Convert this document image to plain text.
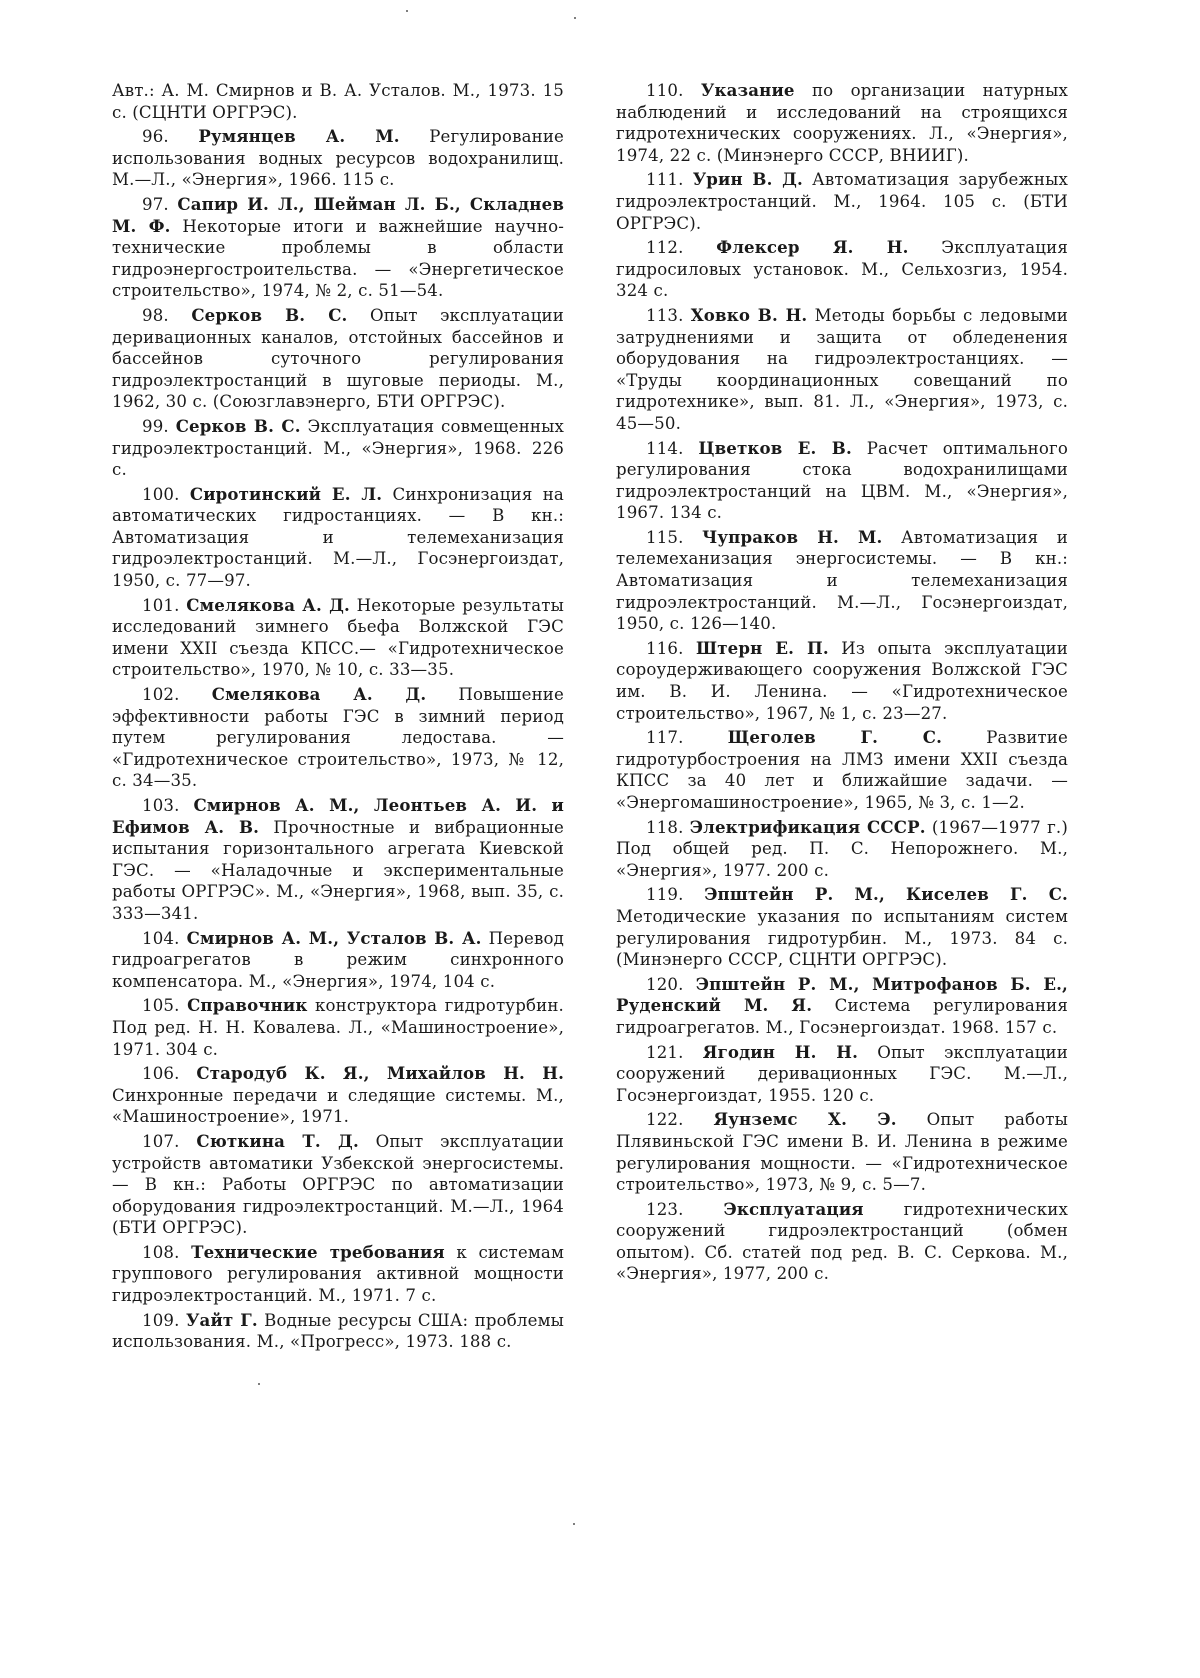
Авт.: А. М. Смирнов и В. А. Усталов. М., 1973. 15 с. (СЦНТИ ОРГРЭС).

96. Румянцев А. М. Регулирование использования водных ресурсов водохранилищ. М.—Л., «Энергия», 1966. 115 с.

97. Сапир И. Л., Шейман Л. Б., Складнев М. Ф. Некоторые итоги и важнейшие научно-технические проблемы в области гидроэнергостроительства. — «Энергетическое строительство», 1974, № 2, с. 51—54.

98. Серков В. С. Опыт эксплуатации деривационных каналов, отстойных бассейнов и бассейнов суточного регулирования гидроэлектростанций в шуговые периоды. М., 1962, 30 с. (Союзглавэнерго, БТИ ОРГРЭС).

99. Серков В. С. Эксплуатация совмещенных гидроэлектростанций. М., «Энергия», 1968. 226 с.

100. Сиротинский Е. Л. Синхронизация на автоматических гидростанциях. — В кн.: Автоматизация и телемеханизация гидроэлектростанций. М.—Л., Госэнергоиздат, 1950, с. 77—97.

101. Смелякова А. Д. Некоторые результаты исследований зимнего бьефа Волжской ГЭС имени XXII съезда КПСС.— «Гидротехническое строительство», 1970, № 10, с. 33—35.

102. Смелякова А. Д. Повышение эффективности работы ГЭС в зимний период путем регулирования ледостава. — «Гидротехническое строительство», 1973, № 12, с. 34—35.

103. Смирнов А. М., Леонтьев А. И. и Ефимов А. В. Прочностные и вибрационные испытания горизонтального агрегата Киевской ГЭС. — «Наладочные и экспериментальные работы ОРГРЭС». М., «Энергия», 1968, вып. 35, с. 333—341.

104. Смирнов А. М., Усталов В. А. Перевод гидроагрегатов в режим синхронного компенсатора. М., «Энергия», 1974, 104 с.

105. Справочник конструктора гидротурбин. Под ред. Н. Н. Ковалева. Л., «Машиностроение», 1971. 304 с.

106. Стародуб К. Я., Михайлов Н. Н. Синхронные передачи и следящие системы. М., «Машиностроение», 1971.

107. Сюткина Т. Д. Опыт эксплуатации устройств автоматики Узбекской энергосистемы. — В кн.: Работы ОРГРЭС по автоматизации оборудования гидроэлектростанций. М.—Л., 1964 (БТИ ОРГРЭС).

108. Технические требования к системам группового регулирования активной мощности гидроэлектростанций. М., 1971. 7 с.

109. Уайт Г. Водные ресурсы США: проблемы использования. М., «Прогресс», 1973. 188 с.

110. Указание по организации натурных наблюдений и исследований на строящихся гидротехнических сооружениях. Л., «Энергия», 1974, 22 с. (Минэнерго СССР, ВНИИГ).

111. Урин В. Д. Автоматизация зарубежных гидроэлектростанций. М., 1964. 105 с. (БТИ ОРГРЭС).

112. Флексер Я. Н. Эксплуатация гидросиловых установок. М., Сельхозгиз, 1954. 324 с.

113. Ховко В. Н. Методы борьбы с ледовыми затруднениями и защита от обледенения оборудования на гидроэлектростанциях. — «Труды координационных совещаний по гидротехнике», вып. 81. Л., «Энергия», 1973, с. 45—50.

114. Цветков Е. В. Расчет оптимального регулирования стока водохранилищами гидроэлектростанций на ЦВМ. М., «Энергия», 1967. 134 с.

115. Чупраков Н. М. Автоматизация и телемеханизация энергосистемы. — В кн.: Автоматизация и телемеханизация гидроэлектростанций. М.—Л., Госэнергоиздат, 1950, с. 126—140.

116. Штерн Е. П. Из опыта эксплуатации сороудерживающего сооружения Волжской ГЭС им. В. И. Ленина. — «Гидротехническое строительство», 1967, № 1, с. 23—27.

117.	Щеголев Г. С.	Развитие гидротурбостроения на ЛМЗ имени XXII съезда КПСС за 40 лет и ближайшие задачи. — «Энергомашиностроение», 1965, № 3, с. 1—2.

118. Электрификация СССР. (1967—1977 г.) Под общей ред. П. С. Непорожнего. М., «Энергия», 1977. 200 с.

119. Эпштейн Р. М., Киселев Г. С. Методические указания по испытаниям систем регулирования гидротурбин. М., 1973. 84 с. (Минэнерго СССР, СЦНТИ ОРГРЭС).

120. Эпштейн Р. М., Митрофанов Б. Е., Руденский М. Я. Система регулирования гидроагрегатов. М., Госэнергоиздат. 1968. 157 с.

121. Ягодин Н. Н. Опыт эксплуатации сооружений деривационных ГЭС. М.—Л., Госэнергоиздат, 1955. 120 с.

122. Яунземс Х. Э. Опыт работы Плявиньской ГЭС имени В. И. Ленина в режиме регулирования мощности. — «Гидротехническое строительство», 1973, № 9, с. 5—7.

123. Эксплуатация гидротехнических сооружений гидроэлектростанций (обмен опытом). Сб. статей под ред. В. С. Серкова. М., «Энергия», 1977, 200 с.
